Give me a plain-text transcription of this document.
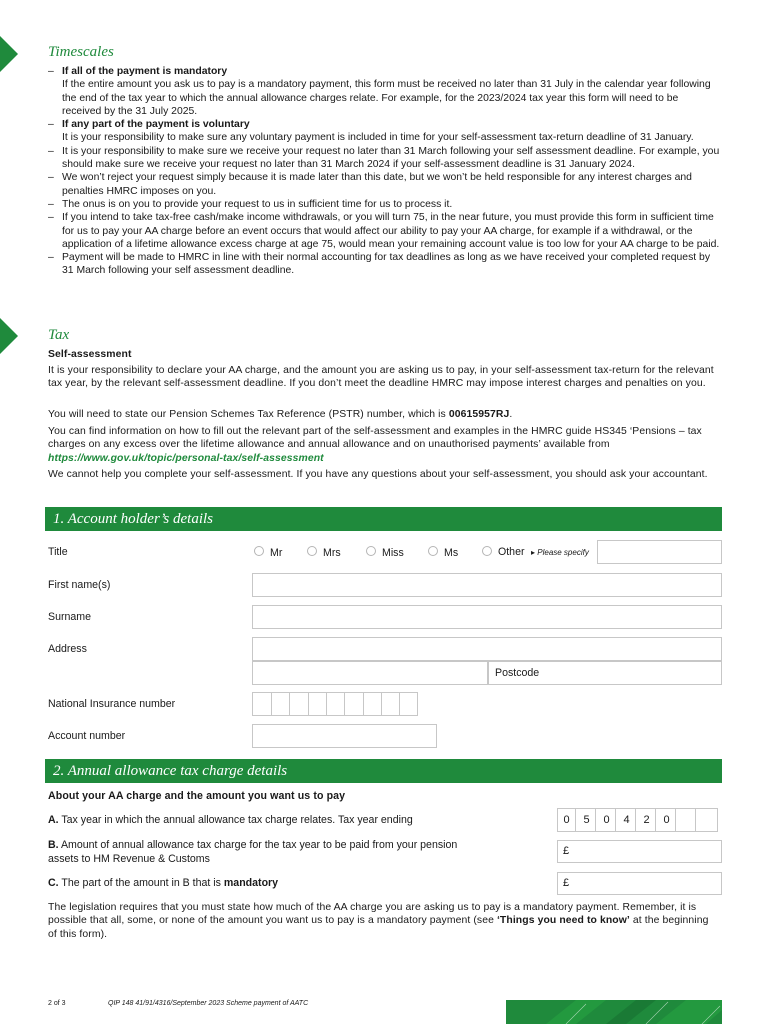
Timescales
– If all of the payment is mandatory
If the entire amount you ask us to pay is a mandatory payment, this form must be received no later than 31 July in the calendar year following the end of the tax year to which the annual allowance charges relate. For example, for the 2023/2024 tax year this form will need to be received by the 31 July 2025.
– If any part of the payment is voluntary
It is your responsibility to make sure any voluntary payment is included in time for your self-assessment tax-return deadline of 31 January.
– It is your responsibility to make sure we receive your request no later than 31 March following your self assessment deadline. For example, you should make sure we receive your request no later than 31 March 2024 if your self-assessment deadline is 31 January 2024.
– We won’t reject your request simply because it is made later than this date, but we won’t be held responsible for any interest charges and penalties HMRC imposes on you.
– The onus is on you to provide your request to us in sufficient time for us to process it.
– If you intend to take tax-free cash/make income withdrawals, or you will turn 75, in the near future, you must provide this form in sufficient time for us to pay your AA charge before an event occurs that would affect our ability to pay your AA charge, for example if a withdrawal, or the application of a lifetime allowance excess charge at age 75, would mean your remaining account value is too low for your AA charge to be paid.
– Payment will be made to HMRC in line with their normal accounting for tax deadlines as long as we have received your completed request by 31 March following your self assessment deadline.
Tax
Self-assessment
It is your responsibility to declare your AA charge, and the amount you are asking us to pay, in your self-assessment tax-return for the relevant tax year, by the relevant self-assessment deadline. If you don’t meet the deadline HMRC may impose interest charges and penalties on you.
You will need to state our Pension Schemes Tax Reference (PSTR) number, which is 00615957RJ.
You can find information on how to fill out the relevant part of the self-assessment and examples in the HMRC guide HS345 ‘Pensions – tax charges on any excess over the lifetime allowance and annual allowance and on unauthorised payments’ available from https://www.gov.uk/topic/personal-tax/self-assessment
We cannot help you complete your self-assessment. If you have any questions about your self-assessment, you should ask your accountant.
1. Account holder’s details
Title	Mr	Mrs	Miss	Ms	Other ▸ Please specify
First name(s)
Surname
Address
Postcode
National Insurance number
Account number
2. Annual allowance tax charge details
About your AA charge and the amount you want us to pay
A. Tax year in which the annual allowance tax charge relates. Tax year ending	0	5	0	4	2	0
B. Amount of annual allowance tax charge for the tax year to be paid from your pension assets to HM Revenue & Customs
£
C. The part of the amount in B that is mandatory	£
The legislation requires that you must state how much of the AA charge you are asking us to pay is a mandatory payment. Remember, it is possible that all, some, or none of the amount you want us to pay is a mandatory payment (see ‘Things you need to know’ at the beginning of this form).
2 of 3	QIP 148 41/91/4316/September 2023 Scheme payment of AATC
